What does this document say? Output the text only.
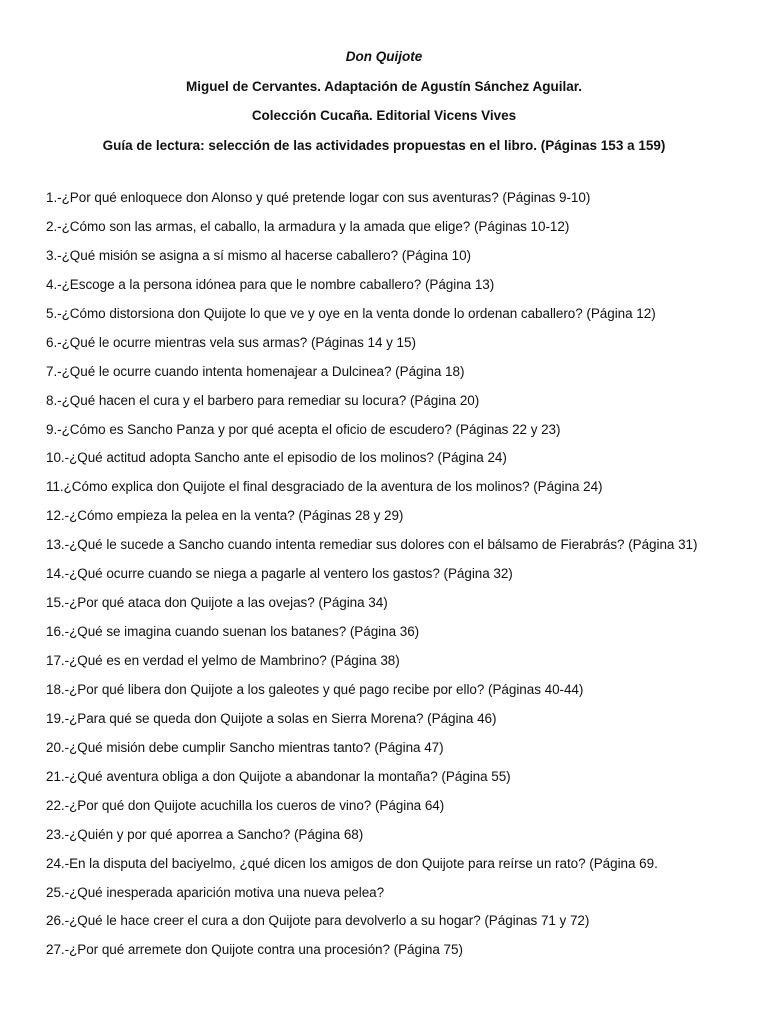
Don Quijote
Miguel de Cervantes. Adaptación de Agustín Sánchez Aguilar.
Colección Cucaña. Editorial Vicens Vives
Guía de lectura: selección de las actividades propuestas en el libro. (Páginas 153 a 159)
1.-¿Por qué enloquece don Alonso y qué pretende logar con sus aventuras? (Páginas 9-10)
2.-¿Cómo son las armas, el caballo, la armadura y la amada que elige? (Páginas 10-12)
3.-¿Qué misión se asigna a sí mismo al hacerse caballero? (Página 10)
4.-¿Escoge a la persona idónea para que le nombre caballero? (Página 13)
5.-¿Cómo distorsiona don Quijote lo que ve y oye en la venta donde lo ordenan caballero? (Página 12)
6.-¿Qué le ocurre mientras vela sus armas? (Páginas 14 y 15)
7.-¿Qué le ocurre cuando intenta homenajear a Dulcinea? (Página 18)
8.-¿Qué hacen el cura y el barbero para remediar su locura? (Página 20)
9.-¿Cómo es Sancho Panza y por qué acepta el oficio de escudero? (Páginas 22 y 23)
10.-¿Qué actitud adopta Sancho ante el episodio de los molinos? (Página 24)
11.¿Cómo explica don Quijote el final desgraciado de la aventura de los molinos? (Página 24)
12.-¿Cómo empieza la pelea en la venta? (Páginas 28 y 29)
13.-¿Qué le sucede a Sancho cuando intenta remediar sus dolores con el bálsamo de Fierabrás? (Página 31)
14.-¿Qué ocurre cuando se niega a pagarle al ventero los gastos? (Página 32)
15.-¿Por qué ataca don Quijote a las ovejas? (Página 34)
16.-¿Qué se imagina cuando suenan los batanes? (Página 36)
17.-¿Qué es en verdad el yelmo de Mambrino? (Página 38)
18.-¿Por qué libera don Quijote a los galeotes y qué pago recibe por ello? (Páginas 40-44)
19.-¿Para qué se queda don Quijote a solas en Sierra Morena? (Página 46)
20.-¿Qué misión debe cumplir Sancho mientras tanto? (Página 47)
21.-¿Qué aventura obliga a don Quijote a abandonar la montaña? (Página 55)
22.-¿Por qué don Quijote acuchilla los cueros de vino? (Página 64)
23.-¿Quién y por qué aporrea a Sancho? (Página 68)
24.-En la disputa del baciyelmo, ¿qué dicen los amigos de don Quijote para reírse un rato? (Página 69.
25.-¿Qué inesperada aparición motiva una nueva pelea?
26.-¿Qué le hace creer el cura a don Quijote para devolverlo a su hogar? (Páginas 71 y 72)
27.-¿Por qué arremete don Quijote contra una procesión? (Página 75)
